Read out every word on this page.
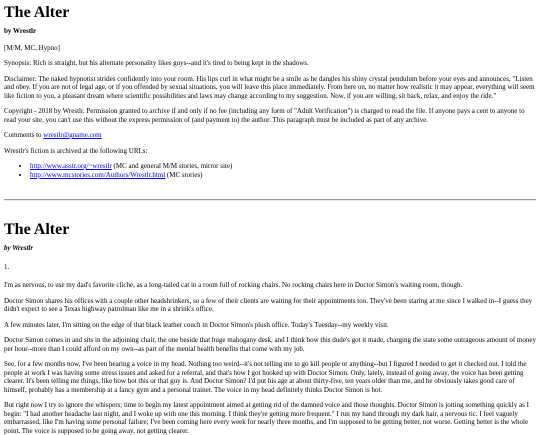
The Alter
by Wrestlr

[M/M, MC, Hypno]

Synopsis: Rich is straight, but his alternate personality likes guys--and it's tired to being kept in the shadows.

Disclaimer: The naked hypnotist strides confidently into your room. His lips curl in what might be a smile as he dangles his shiny crystal pendulum before your eyes and announces, "Listen and obey. If you are not of legal age, or if you offended by sexual situations, you will leave this place immediately. From here on, no matter how realistic it may appear, everything will seem like fiction to you, a pleasant dream where scientific possibilities and laws may change according to my suggestion. Now, if you are willing, sit back, relax, and enjoy the ride."

Copyright - 2018 by Wrestlr. Permission granted to archive if and only if no fee (including any form of "Adult Verification") is charged to read the file. If anyone pays a cent to anyone to read your site, you can't use this without the express permission of (and payment to) the author. This paragraph must be included as part of any archive.

Comments to wrestlr@gname.com

Wrestlr's fiction is archived at the following URLs:

• http://www.asstr.org/~wrestlr (MC and general M/M stories, mirror site)
• http://www.mcstories.com/Authors/Wrestlr.html (MC stories)
The Alter
by Wrestlr
1.

I'm as nervous, to use my dad's favorite cliche, as a long-tailed cat in a room full of rocking chairs. No rocking chairs here in Doctor Simon's waiting room, though.

Doctor Simon shares his offices with a couple other headshrinkers, so a few of their clients are waiting for their appointments too. They've been staring at me since I walked in--I guess they didn't expect to see a Texas highway patrolman like me in a shrink's office.

A few minutes later, I'm sitting on the edge of that black leather couch in Doctor Simon's plush office. Today's Tuesday--my weekly visit.

Doctor Simon comes in and sits in the adjoining chair, the one beside that huge mahogany desk, and I think how this dude's got it made, charging the state some outrageous amount of money per hour--more than I could afford on my own--as part of the mental health benefits that come with my job.

See, for a few months now, I've been hearing a voice in my head. Nothing too weird--it's not telling me to go kill people or anything--but I figured I needed to get it checked out. I told the people at work I was having some stress issues and asked for a referral, and that's how I got hooked up with Doctor Simon. Only, lately, instead of going away, the voice has been getting clearer. It's been telling me things, like how hot this or that guy is. And Doctor Simon? I'd put his age at about thirty-five, ten years older than me, and he obviously takes good care of himself, probably has a membership at a fancy gym and a personal trainer. The voice in my head definitely thinks Doctor Simon is hot.

But right now I try to ignore the whispers; time to begin my latest appointment aimed at getting rid of the damned voice and those thoughts. Doctor Simon is jotting something quickly as I begin: "I had another headache last night, and I woke up with one this morning. I think they're getting more frequent." I run my hand through my dark hair, a nervous tic. I feel vaguely embarrassed, like I'm having some personal failure; I've been coming here every week for nearly three months, and I'm supposed to be getting better, not worse. Getting better is the whole point. The voice is supposed to be going away, not getting clearer.
